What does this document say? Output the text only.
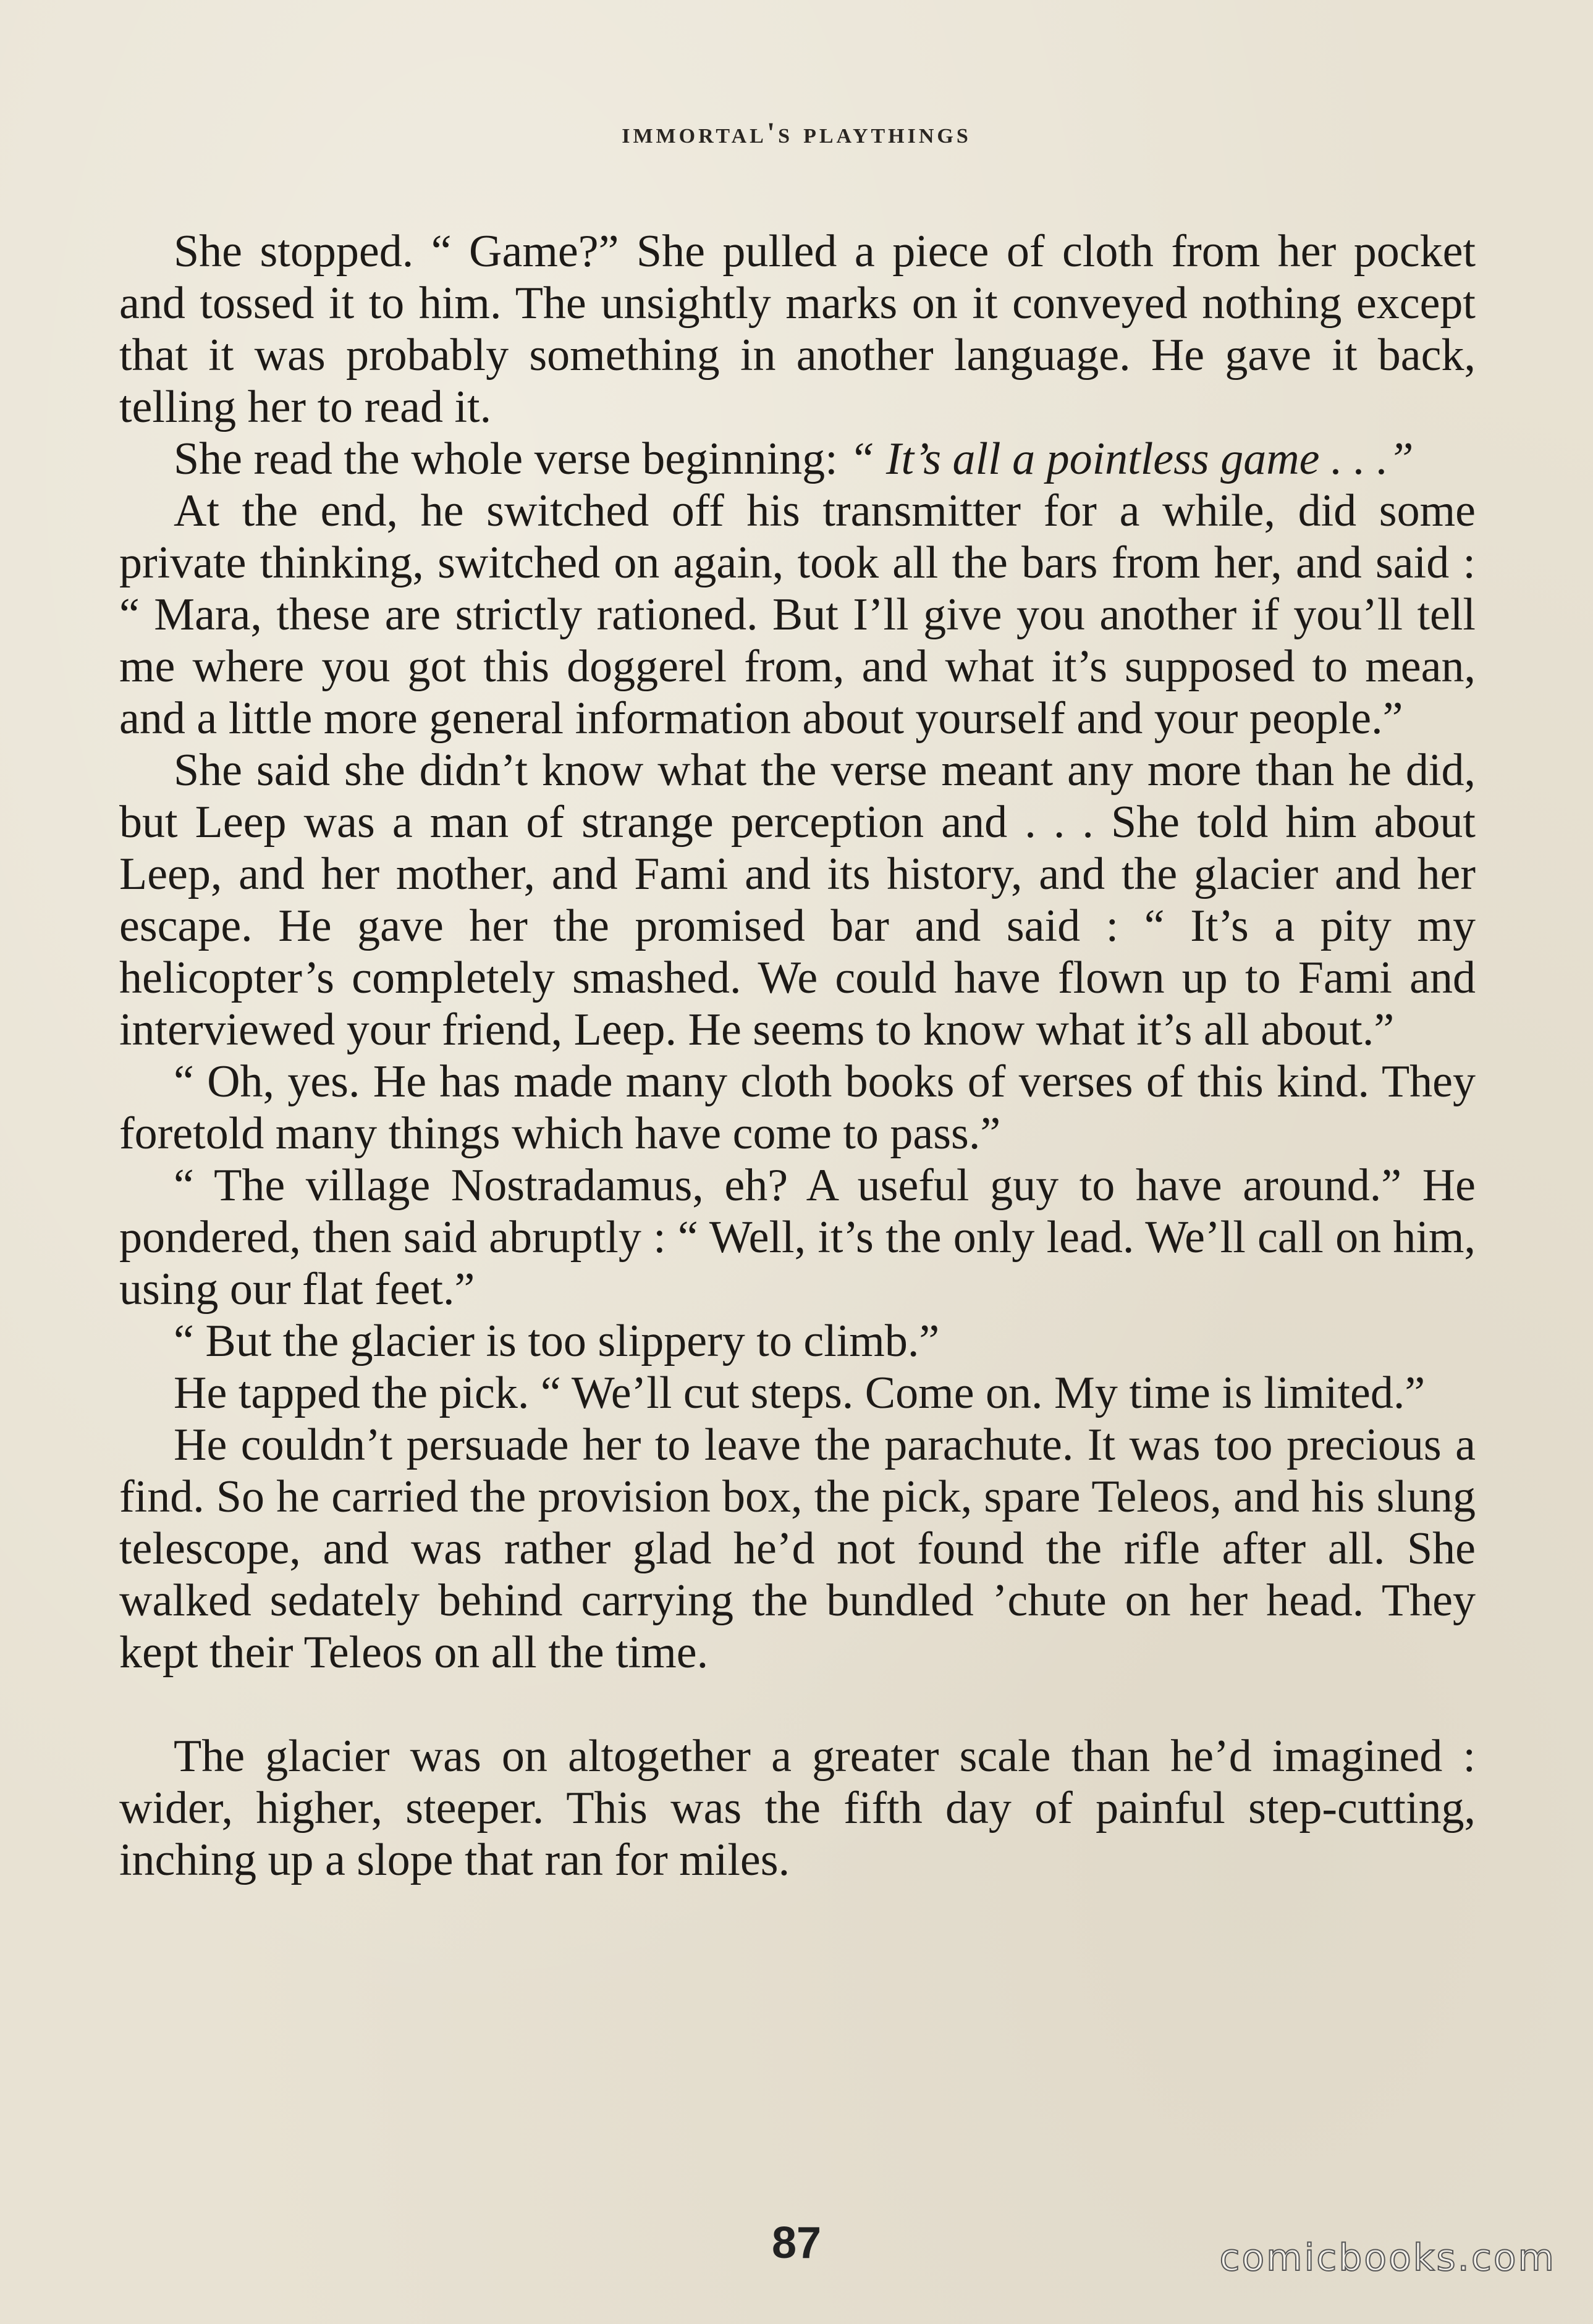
immortal's playthings

She stopped. “ Game?” She pulled a piece of cloth from her pocket and tossed it to him. The unsightly marks on it conveyed nothing except that it was probably something in another language. He gave it back, telling her to read it.

She read the whole verse beginning: “ It’s all a pointless game . . .”

At the end, he switched off his transmitter for a while, did some private thinking, switched on again, took all the bars from her, and said : “ Mara, these are strictly rationed. But I’ll give you another if you’ll tell me where you got this doggerel from, and what it’s supposed to mean, and a little more general information about yourself and your people.”

She said she didn’t know what the verse meant any more than he did, but Leep was a man of strange perception and . . . She told him about Leep, and her mother, and Fami and its history, and the glacier and her escape. He gave her the promised bar and said : “ It’s a pity my helicopter’s completely smashed. We could have flown up to Fami and interviewed your friend, Leep. He seems to know what it’s all about.”

“ Oh, yes. He has made many cloth books of verses of this kind. They foretold many things which have come to pass.”

“ The village Nostradamus, eh? A useful guy to have around.” He pondered, then said abruptly : “ Well, it’s the only lead. We’ll call on him, using our flat feet.”

“ But the glacier is too slippery to climb.”

He tapped the pick. “ We’ll cut steps. Come on. My time is limited.”

He couldn’t persuade her to leave the parachute. It was too precious a find. So he carried the provision box, the pick, spare Teleos, and his slung telescope, and was rather glad he’d not found the rifle after all. She walked sedately behind carrying the bundled ’chute on her head. They kept their Teleos on all the time.

The glacier was on altogether a greater scale than he’d imagined : wider, higher, steeper. This was the fifth day of painful step-cutting, inching up a slope that ran for miles.

87	comicbooks.com
